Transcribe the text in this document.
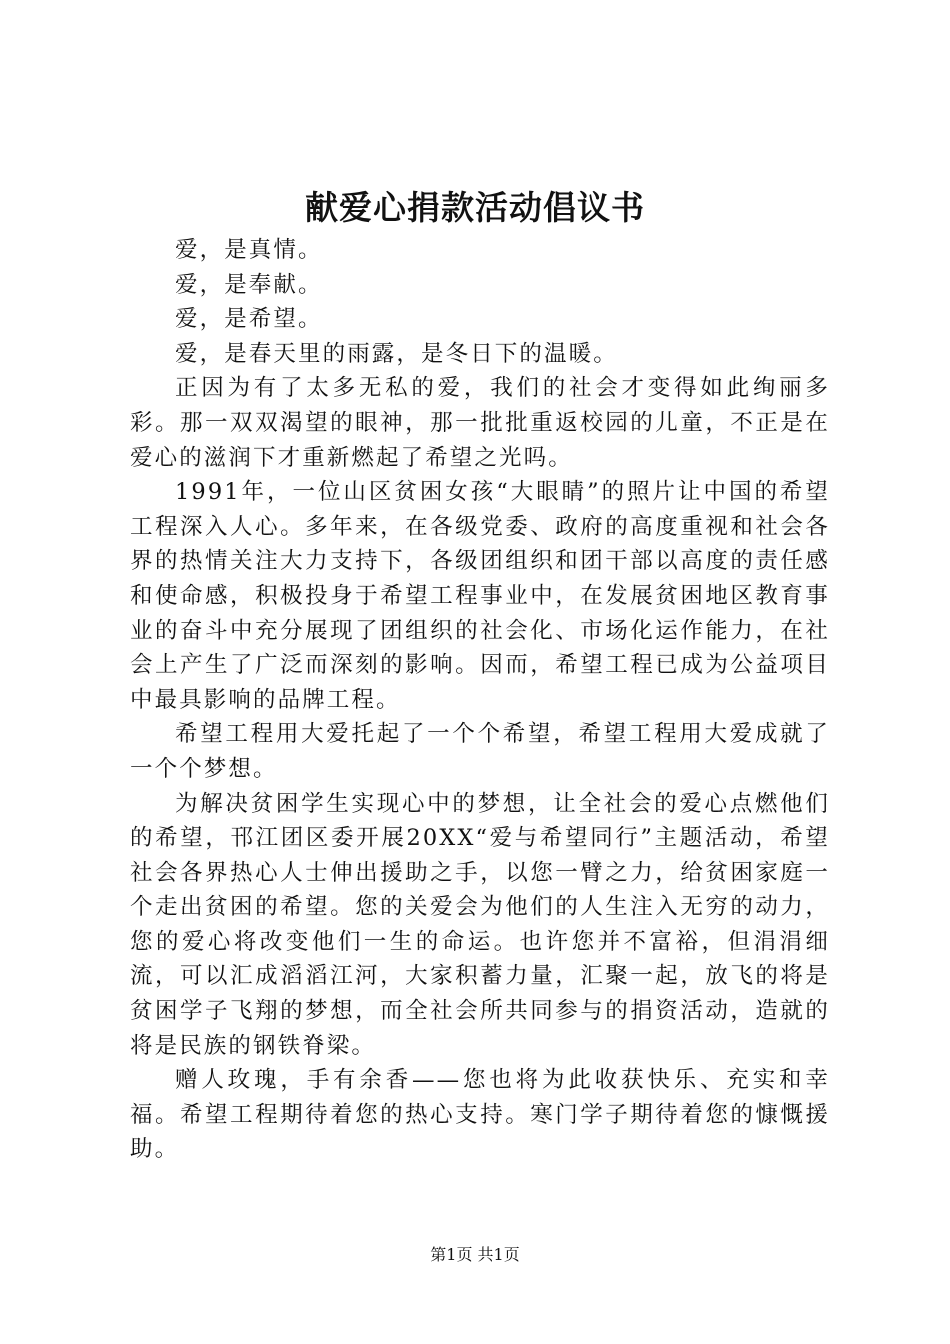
献爱心捐款活动倡议书

爱，是真情。

爱，是奉献。

爱，是希望。

爱，是春天里的雨露，是冬日下的温暖。

正因为有了太多无私的爱，我们的社会才变得如此绚丽多彩。那一双双渴望的眼神，那一批批重返校园的儿童，不正是在爱心的滋润下才重新燃起了希望之光吗。

1991年，一位山区贫困女孩“大眼睛”的照片让中国的希望工程深入人心。多年来，在各级党委、政府的高度重视和社会各界的热情关注大力支持下，各级团组织和团干部以高度的责任感和使命感，积极投身于希望工程事业中，在发展贫困地区教育事业的奋斗中充分展现了团组织的社会化、市场化运作能力，在社会上产生了广泛而深刻的影响。因而，希望工程已成为公益项目中最具影响的品牌工程。

希望工程用大爱托起了一个个希望，希望工程用大爱成就了一个个梦想。

为解决贫困学生实现心中的梦想，让全社会的爱心点燃他们的希望，邗江团区委开展20XX“爱与希望同行”主题活动，希望社会各界热心人士伸出援助之手，以您一臂之力，给贫困家庭一个走出贫困的希望。您的关爱会为他们的人生注入无穷的动力，您的爱心将改变他们一生的命运。也许您并不富裕，但涓涓细流，可以汇成滔滔江河，大家积蓄力量，汇聚一起，放飞的将是贫困学子飞翔的梦想，而全社会所共同参与的捐资活动，造就的将是民族的钢铁脊梁。

赠人玫瑰，手有余香——您也将为此收获快乐、充实和幸福。希望工程期待着您的热心支持。寒门学子期待着您的慷慨援助。

第1页 共1页
